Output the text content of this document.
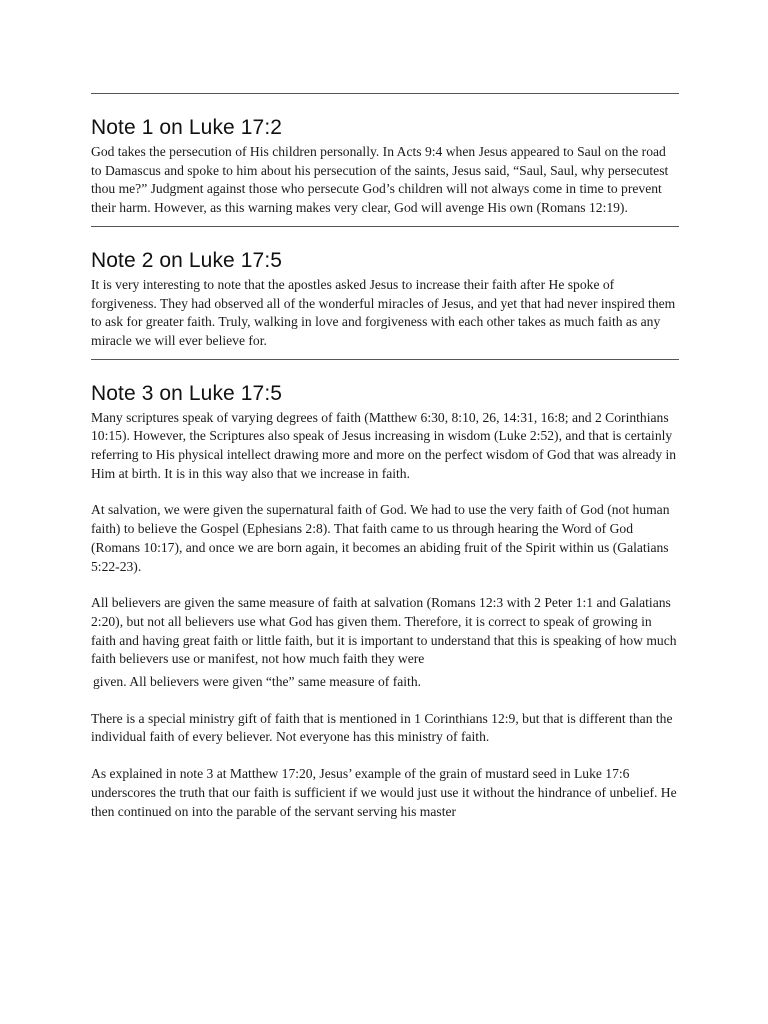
Note 1 on Luke 17:2

God takes the persecution of His children personally. In Acts 9:4 when Jesus appeared to Saul on the road to Damascus and spoke to him about his persecution of the saints, Jesus said, “Saul, Saul, why persecutest thou me?” Judgment against those who persecute God’s children will not always come in time to prevent their harm. However, as this warning makes very clear, God will avenge His own (Romans 12:19).

Note 2 on Luke 17:5

It is very interesting to note that the apostles asked Jesus to increase their faith after He spoke of forgiveness. They had observed all of the wonderful miracles of Jesus, and yet that had never inspired them to ask for greater faith. Truly, walking in love and forgiveness with each other takes as much faith as any miracle we will ever believe for.

Note 3 on Luke 17:5

Many scriptures speak of varying degrees of faith (Matthew 6:30, 8:10, 26, 14:31, 16:8; and 2 Corinthians 10:15). However, the Scriptures also speak of Jesus increasing in wisdom (Luke 2:52), and that is certainly referring to His physical intellect drawing more and more on the perfect wisdom of God that was already in Him at birth. It is in this way also that we increase in faith.

At salvation, we were given the supernatural faith of God. We had to use the very faith of God (not human faith) to believe the Gospel (Ephesians 2:8). That faith came to us through hearing the Word of God (Romans 10:17), and once we are born again, it becomes an abiding fruit of the Spirit within us (Galatians 5:22-23).

All believers are given the same measure of faith at salvation (Romans 12:3 with 2 Peter 1:1 and Galatians 2:20), but not all believers use what God has given them. Therefore, it is correct to speak of growing in faith and having great faith or little faith, but it is important to understand that this is speaking of how much faith believers use or manifest, not how much faith they were

given. All believers were given “the” same measure of faith.

There is a special ministry gift of faith that is mentioned in 1 Corinthians 12:9, but that is different than the individual faith of every believer. Not everyone has this ministry of faith.

As explained in note 3 at Matthew 17:20, Jesus’ example of the grain of mustard seed in Luke 17:6 underscores the truth that our faith is sufficient if we would just use it without the hindrance of unbelief. He then continued on into the parable of the servant serving his master
